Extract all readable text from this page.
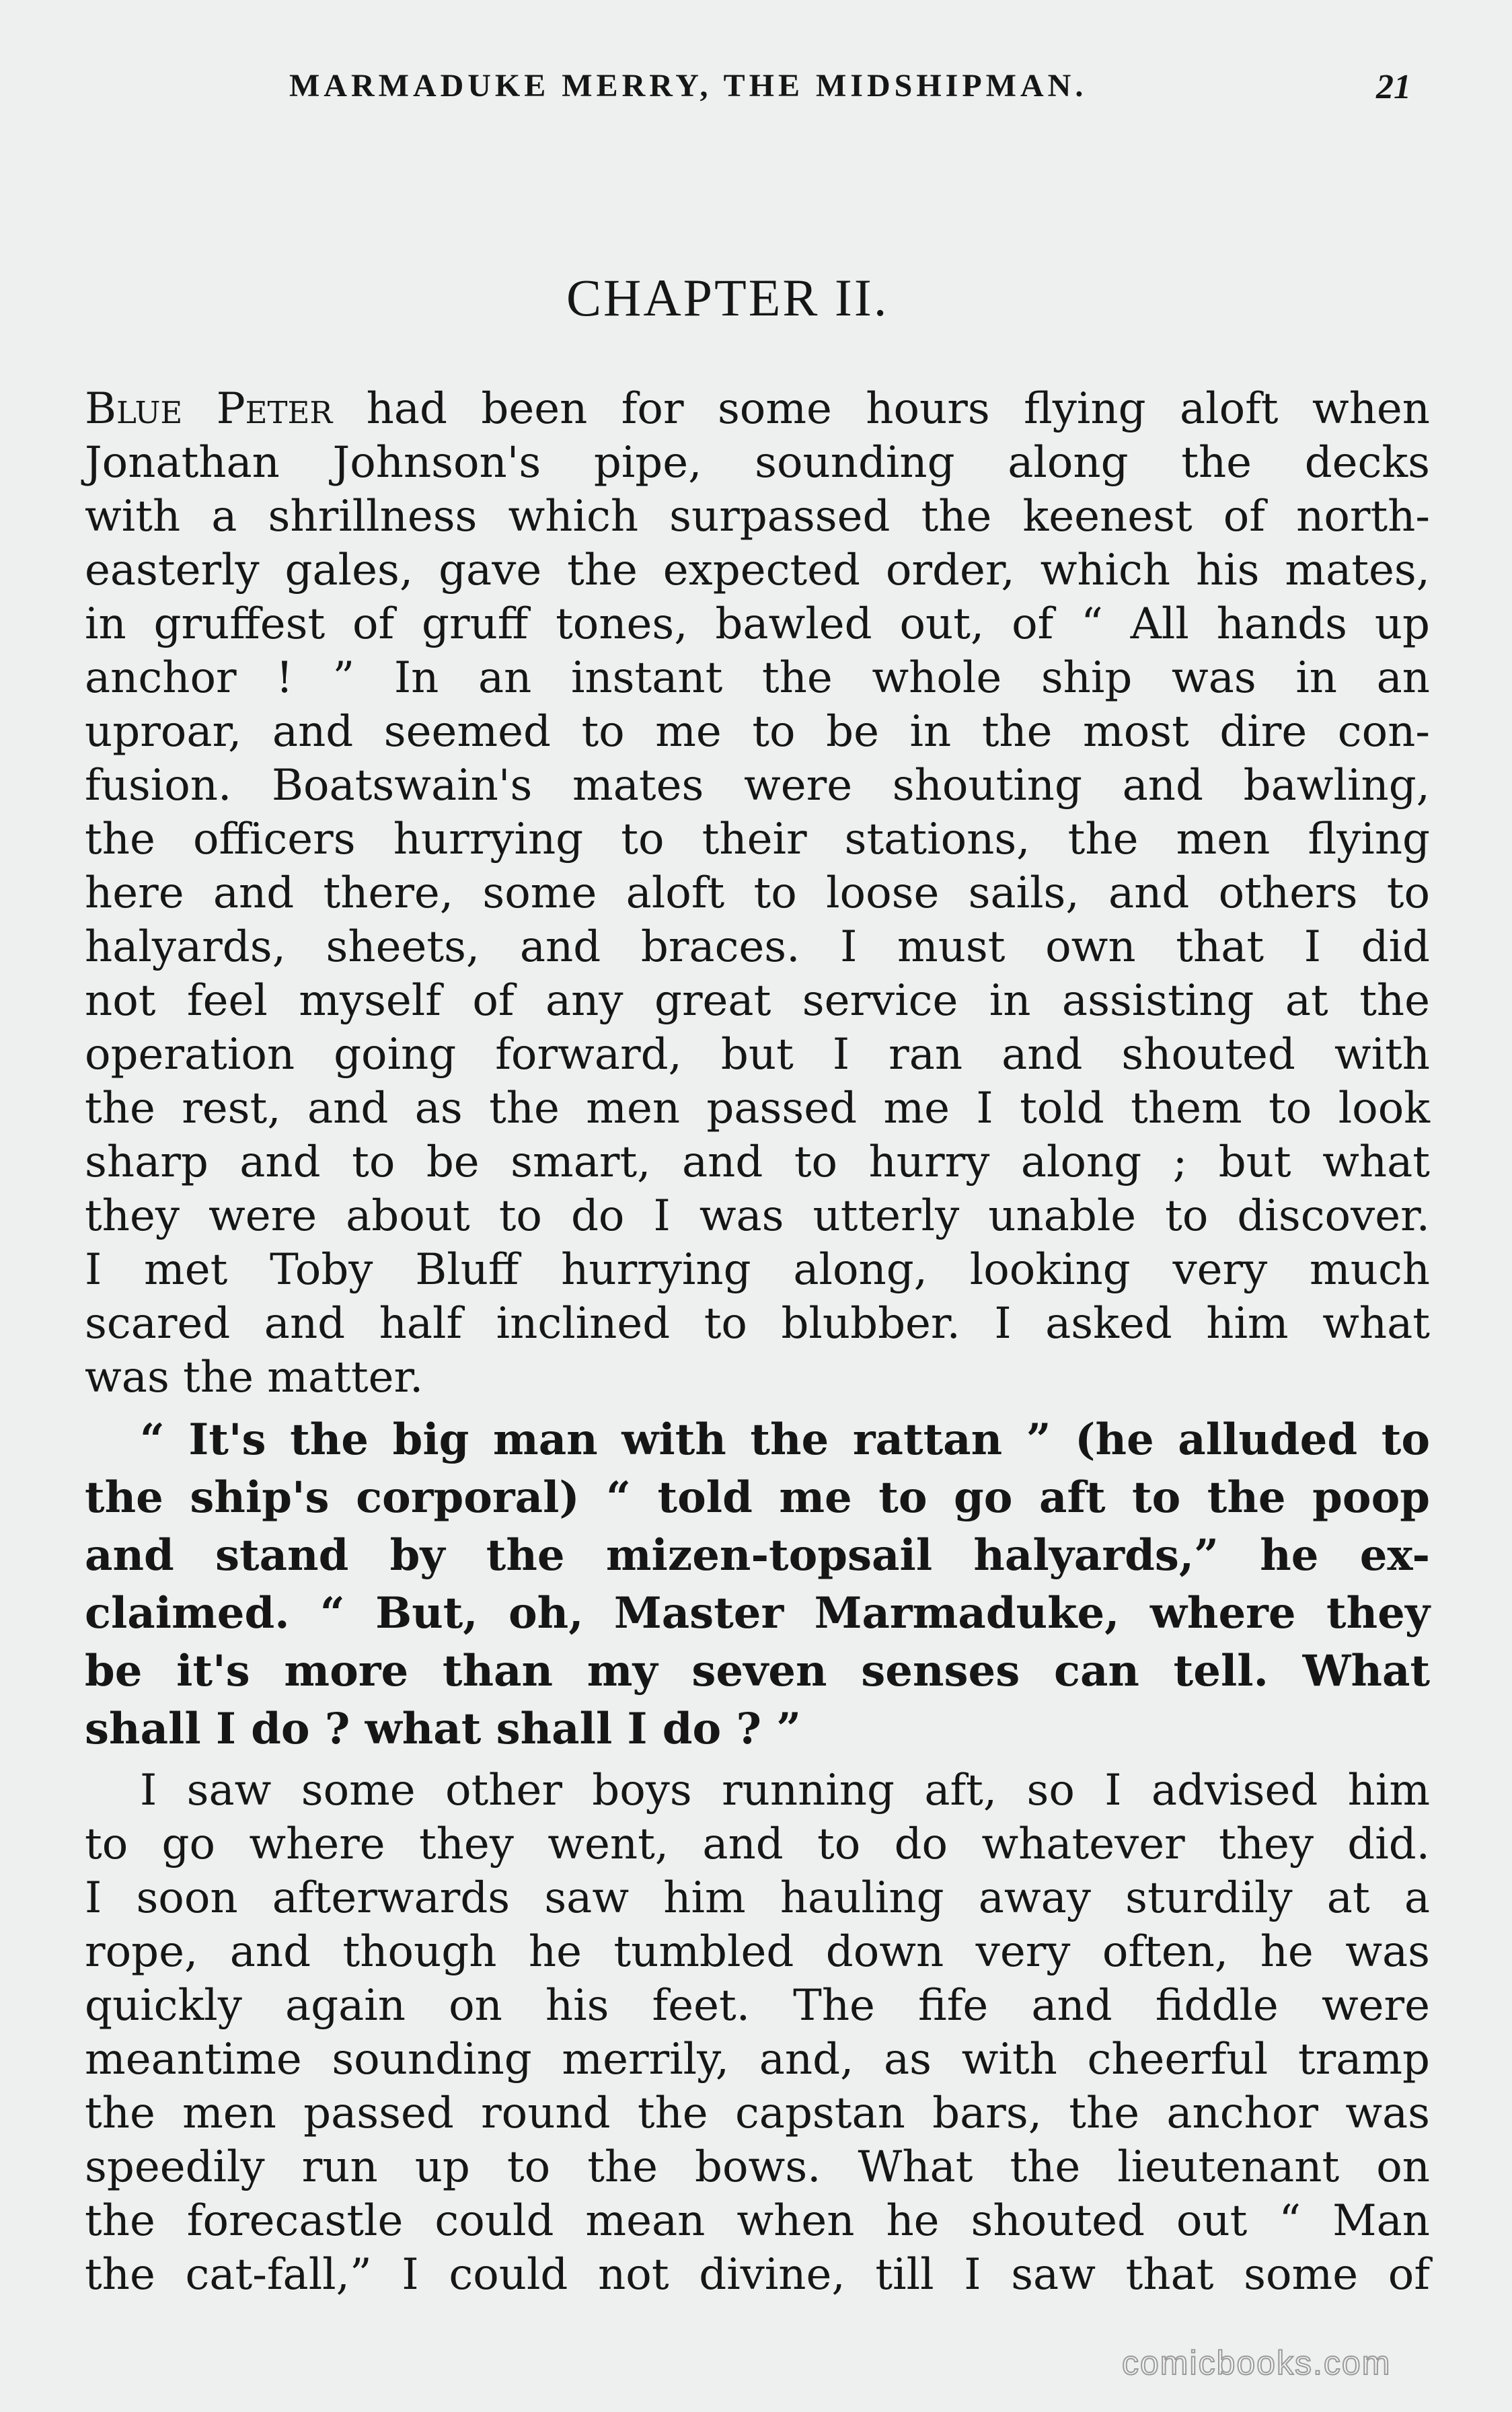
MARMADUKE MERRY, THE MIDSHIPMAN.	21
CHAPTER II.
Blue Peter had been for some hours flying aloft when
Jonathan Johnson's pipe, sounding along the decks
with a shrillness which surpassed the keenest of north-
easterly gales, gave the expected order, which his mates,
in gruffest of gruff tones, bawled out, of “ All hands up
anchor ! ” In an instant the whole ship was in an
uproar, and seemed to me to be in the most dire con-
fusion. Boatswain's mates were shouting and bawling,
the officers hurrying to their stations, the men flying
here and there, some aloft to loose sails, and others to
halyards, sheets, and braces. I must own that I did
not feel myself of any great service in assisting at the
operation going forward, but I ran and shouted with
the rest, and as the men passed me I told them to look
sharp and to be smart, and to hurry along ; but what
they were about to do I was utterly unable to discover.
I met Toby Bluff hurrying along, looking very much
scared and half inclined to blubber. I asked him what
was the matter.
“ It's the big man with the rattan ” (he alluded to
the ship's corporal) “ told me to go aft to the poop
and stand by the mizen-topsail halyards,” he ex-
claimed. “ But, oh, Master Marmaduke, where they
be it's more than my seven senses can tell. What
shall I do ? what shall I do ? ”
I saw some other boys running aft, so I advised him
to go where they went, and to do whatever they did.
I soon afterwards saw him hauling away sturdily at a
rope, and though he tumbled down very often, he was
quickly again on his feet. The fife and fiddle were
meantime sounding merrily, and, as with cheerful tramp
the men passed round the capstan bars, the anchor was
speedily run up to the bows. What the lieutenant on
the forecastle could mean when he shouted out “ Man
the cat-fall,” I could not divine, till I saw that some of
comicbooks.com
